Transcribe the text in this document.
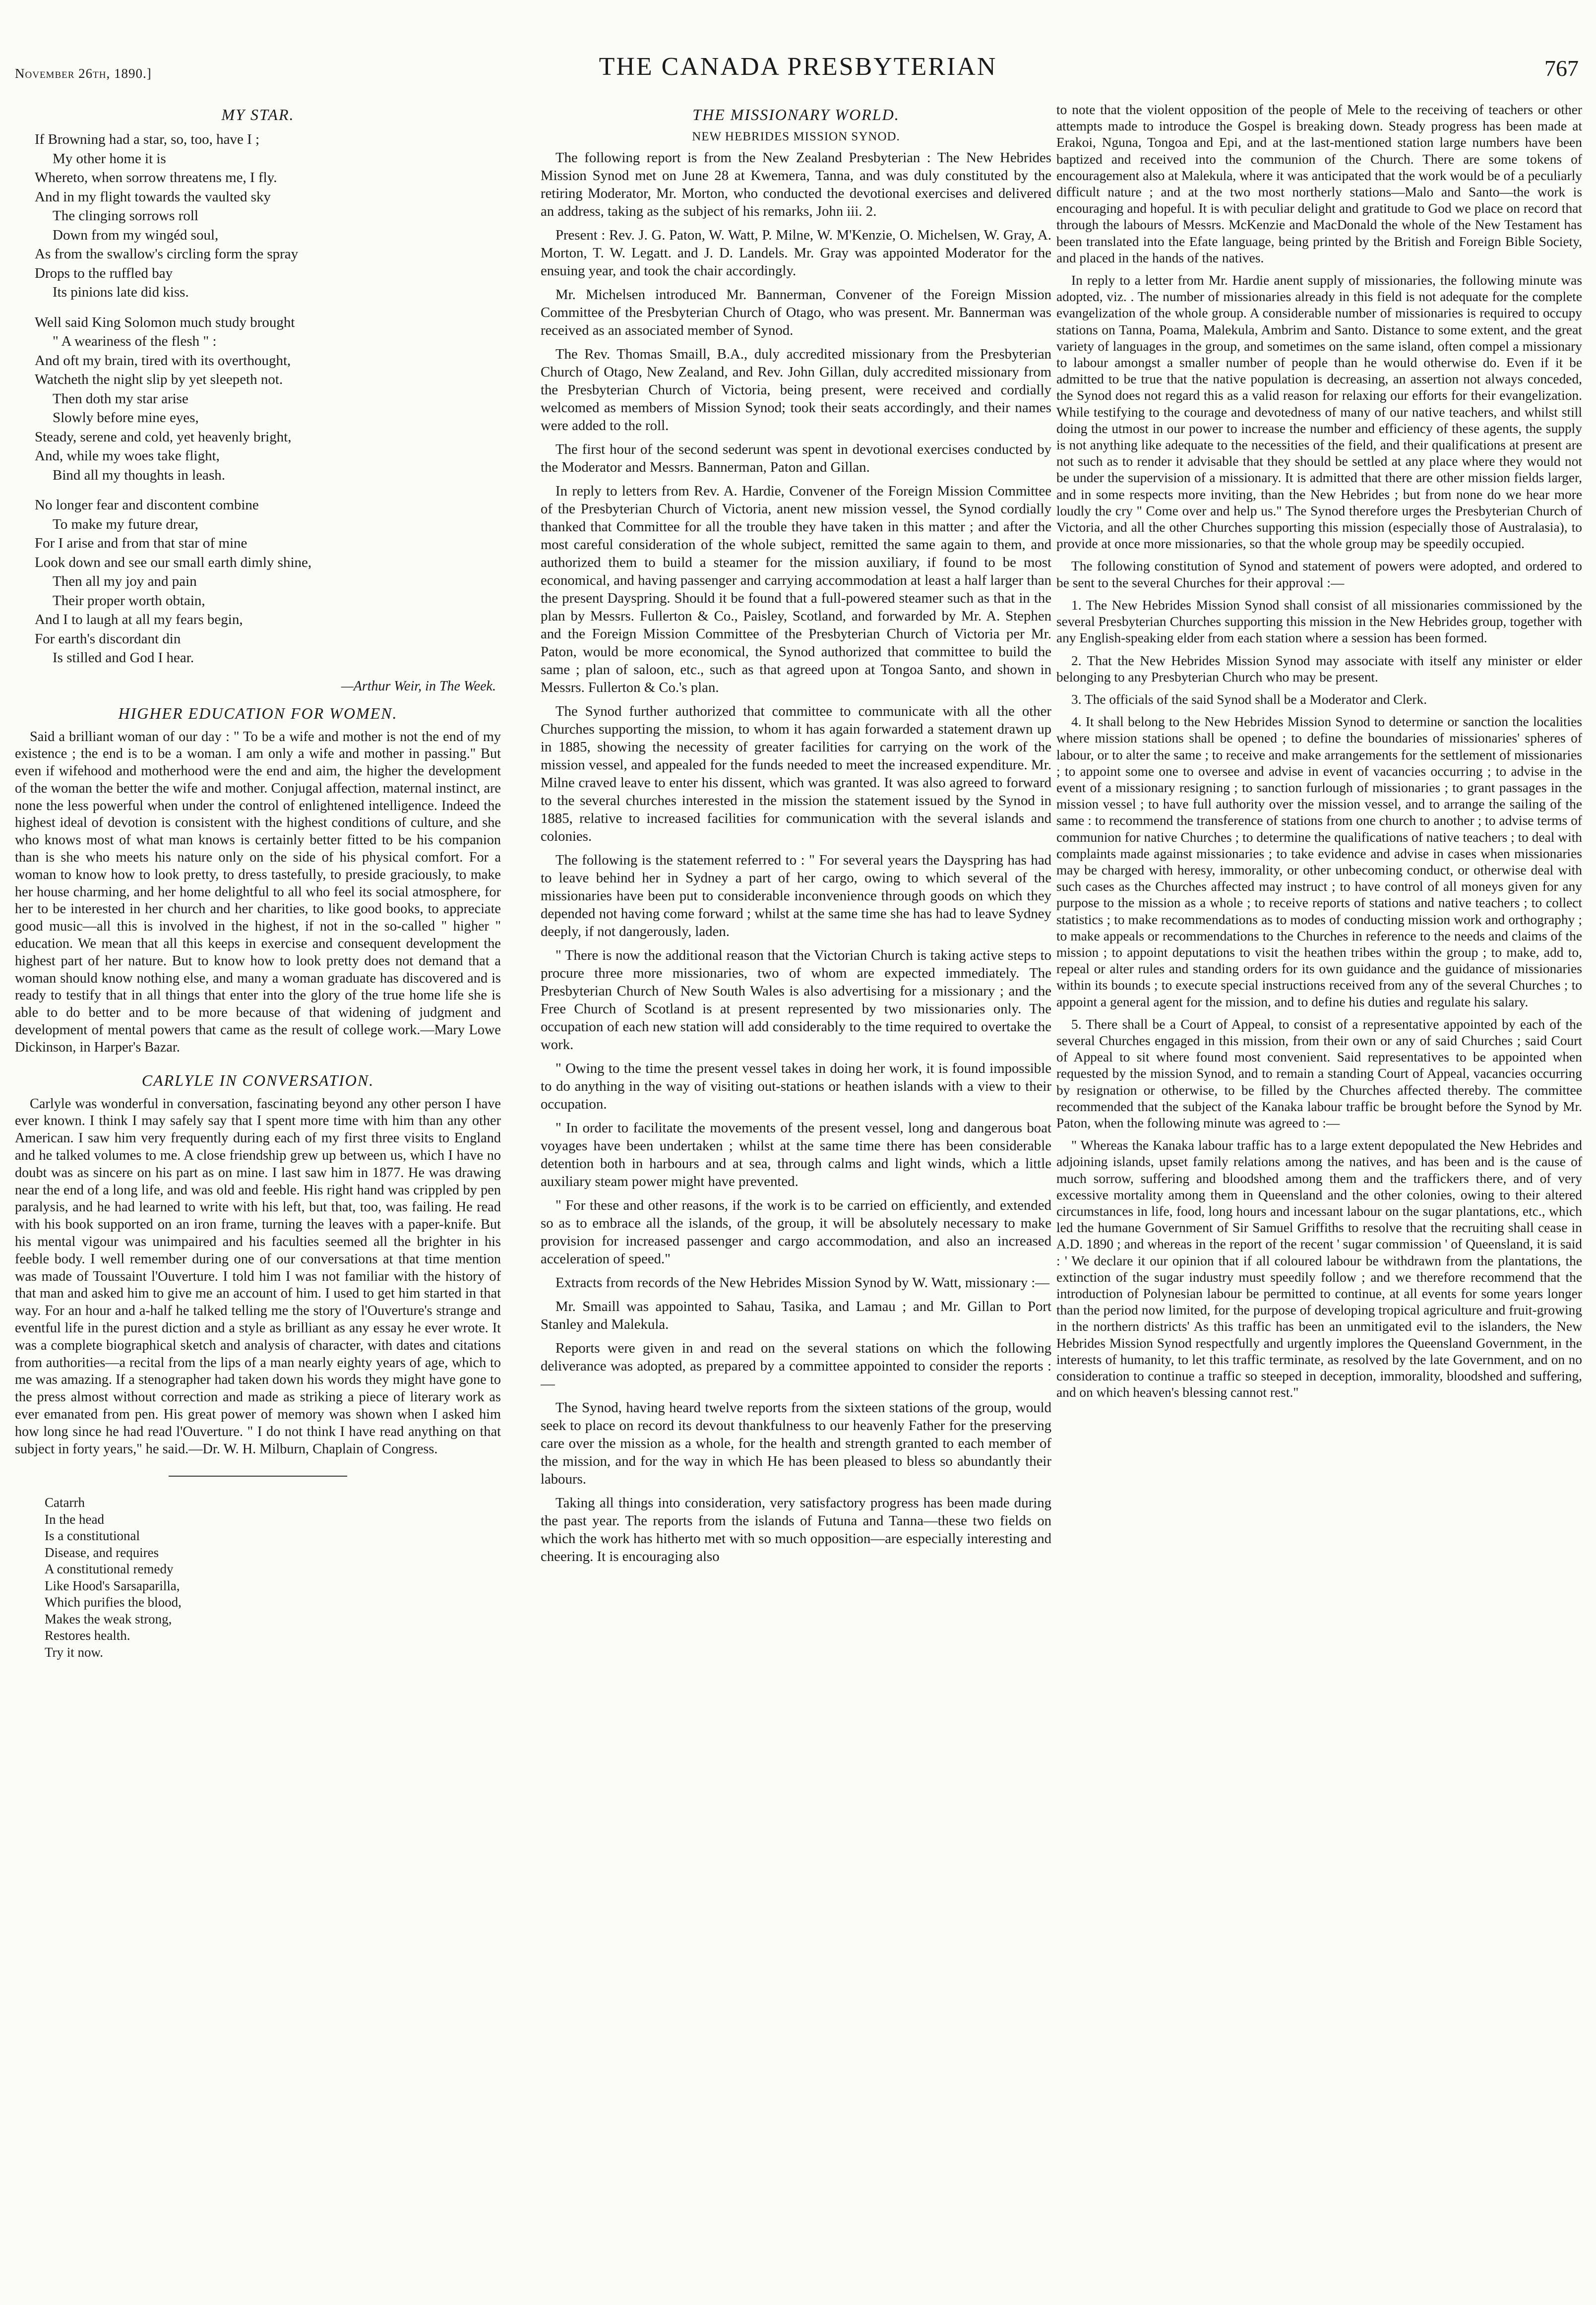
November 26th, 1890.]	THE CANADA PRESBYTERIAN	767
MY STAR.
If Browning had a star, so, too, have I ;
My other home it is
Whereto, when sorrow threatens me, I fly.
And in my flight towards the vaulted sky
The clinging sorrows roll
Down from my wingéd soul,
As from the swallow's circling form the spray
Drops to the ruffled bay
Its pinions late did kiss.
Well said King Solomon much study brought
" A weariness of the flesh " :
And oft my brain, tired with its overthought,
Watcheth the night slip by yet sleepeth not.
Then doth my star arise
Slowly before mine eyes,
Steady, serene and cold, yet heavenly bright,
And, while my woes take flight,
Bind all my thoughts in leash.
No longer fear and discontent combine
To make my future drear,
For I arise and from that star of mine
Look down and see our small earth dimly shine,
Then all my joy and pain
Their proper worth obtain,
And I to laugh at all my fears begin,
For earth's discordant din
Is stilled and God I hear.
—Arthur Weir, in The Week.
HIGHER EDUCATION FOR WOMEN.

Said a brilliant woman of our day : " To be a wife and mother is not the end of my existence ; the end is to be a woman. I am only a wife and mother in passing." But even if wifehood and motherhood were the end and aim, the higher the development of the woman the better the wife and mother. Conjugal affection, maternal instinct, are none the less powerful when under the control of enlightened intelligence. Indeed the highest ideal of devotion is consistent with the highest conditions of culture, and she who knows most of what man knows is certainly better fitted to be his companion than is she who meets his nature only on the side of his physical comfort. For a woman to know how to look pretty, to dress tastefully, to preside graciously, to make her house charming, and her home delightful to all who feel its social atmosphere, for her to be interested in her church and her charities, to like good books, to appreciate good music—all this is involved in the highest, if not in the so-called " higher " education. We mean that all this keeps in exercise and consequent development the highest part of her nature. But to know how to look pretty does not demand that a woman should know nothing else, and many a woman graduate has discovered and is ready to testify that in all things that enter into the glory of the true home life she is able to do better and to be more because of that widening of judgment and development of mental powers that came as the result of college work.—Mary Lowe Dickinson, in Harper's Bazar.

CARLYLE IN CONVERSATION.

Carlyle was wonderful in conversation, fascinating beyond any other person I have ever known. I think I may safely say that I spent more time with him than any other American. I saw him very frequently during each of my first three visits to England and he talked volumes to me. A close friendship grew up between us, which I have no doubt was as sincere on his part as on mine. I last saw him in 1877. He was drawing near the end of a long life, and was old and feeble. His right hand was crippled by pen paralysis, and he had learned to write with his left, but that, too, was failing. He read with his book supported on an iron frame, turning the leaves with a paper-knife. But his mental vigour was unimpaired and his faculties seemed all the brighter in his feeble body. I well remember during one of our conversations at that time mention was made of Toussaint l'Ouverture. I told him I was not familiar with the history of that man and asked him to give me an account of him. I used to get him started in that way. For an hour and a-half he talked telling me the story of l'Ouverture's strange and eventful life in the purest diction and a style as brilliant as any essay he ever wrote. It was a complete biographical sketch and analysis of character, with dates and citations from authorities—a recital from the lips of a man nearly eighty years of age, which to me was amazing. If a stenographer had taken down his words they might have gone to the press almost without correction and made as striking a piece of literary work as ever emanated from pen. His great power of memory was shown when I asked him how long since he had read l'Ouverture. " I do not think I have read anything on that subject in forty years," he said.—Dr. W. H. Milburn, Chaplain of Congress.

Catarrh
In the head
Is a constitutional
Disease, and requires
A constitutional remedy
Like Hood's Sarsaparilla,
Which purifies the blood,
Makes the weak strong,
Restores health.
Try it now.
THE MISSIONARY WORLD.
NEW HEBRIDES MISSION SYNOD.

The following report is from the New Zealand Presbyterian : The New Hebrides Mission Synod met on June 28 at Kwemera, Tanna, and was duly constituted by the retiring Moderator, Mr. Morton, who conducted the devotional exercises and delivered an address, taking as the subject of his remarks, John iii. 2.

Present : Rev. J. G. Paton, W. Watt, P. Milne, W. M'Kenzie, O. Michelsen, W. Gray, A. Morton, T. W. Legatt. and J. D. Landels. Mr. Gray was appointed Moderator for the ensuing year, and took the chair accordingly.

Mr. Michelsen introduced Mr. Bannerman, Convener of the Foreign Mission Committee of the Presbyterian Church of Otago, who was present. Mr. Bannerman was received as an associated member of Synod.

The Rev. Thomas Smaill, B.A., duly accredited missionary from the Presbyterian Church of Otago, New Zealand, and Rev. John Gillan, duly accredited missionary from the Presbyterian Church of Victoria, being present, were received and cordially welcomed as members of Mission Synod; took their seats accordingly, and their names were added to the roll.

The first hour of the second sederunt was spent in devotional exercises conducted by the Moderator and Messrs. Bannerman, Paton and Gillan.

In reply to letters from Rev. A. Hardie, Convener of the Foreign Mission Committee of the Presbyterian Church of Victoria, anent new mission vessel, the Synod cordially thanked that Committee for all the trouble they have taken in this matter ; and after the most careful consideration of the whole subject, remitted the same again to them, and authorized them to build a steamer for the mission auxiliary, if found to be most economical, and having passenger and carrying accommodation at least a half larger than the present Dayspring. Should it be found that a full-powered steamer such as that in the plan by Messrs. Fullerton & Co., Paisley, Scotland, and forwarded by Mr. A. Stephen and the Foreign Mission Committee of the Presbyterian Church of Victoria per Mr. Paton, would be more economical, the Synod authorized that committee to build the same ; plan of saloon, etc., such as that agreed upon at Tongoa Santo, and shown in Messrs. Fullerton & Co.'s plan.

The Synod further authorized that committee to communicate with all the other Churches supporting the mission, to whom it has again forwarded a statement drawn up in 1885, showing the necessity of greater facilities for carrying on the work of the mission vessel, and appealed for the funds needed to meet the increased expenditure. Mr. Milne craved leave to enter his dissent, which was granted. It was also agreed to forward to the several churches interested in the mission the statement issued by the Synod in 1885, relative to increased facilities for communication with the several islands and colonies.

The following is the statement referred to : " For several years the Dayspring has had to leave behind her in Sydney a part of her cargo, owing to which several of the missionaries have been put to considerable inconvenience through goods on which they depended not having come forward ; whilst at the same time she has had to leave Sydney deeply, if not dangerously, laden.

" There is now the additional reason that the Victorian Church is taking active steps to procure three more missionaries, two of whom are expected immediately. The Presbyterian Church of New South Wales is also advertising for a missionary ; and the Free Church of Scotland is at present represented by two missionaries only. The occupation of each new station will add considerably to the time required to overtake the work.

" Owing to the time the present vessel takes in doing her work, it is found impossible to do anything in the way of visiting out-stations or heathen islands with a view to their occupation.

" In order to facilitate the movements of the present vessel, long and dangerous boat voyages have been undertaken ; whilst at the same time there has been considerable detention both in harbours and at sea, through calms and light winds, which a little auxiliary steam power might have prevented.

" For these and other reasons, if the work is to be carried on efficiently, and extended so as to embrace all the islands, of the group, it will be absolutely necessary to make provision for increased passenger and cargo accommodation, and also an increased acceleration of speed."

Extracts from records of the New Hebrides Mission Synod by W. Watt, missionary :—

Mr. Smaill was appointed to Sahau, Tasika, and Lamau ; and Mr. Gillan to Port Stanley and Malekula.

Reports were given in and read on the several stations on which the following deliverance was adopted, as prepared by a committee appointed to consider the reports :—

The Synod, having heard twelve reports from the sixteen stations of the group, would seek to place on record its devout thankfulness to our heavenly Father for the preserving care over the mission as a whole, for the health and strength granted to each member of the mission, and for the way in which He has been pleased to bless so abundantly their labours.

Taking all things into consideration, very satisfactory progress has been made during the past year. The reports from the islands of Futuna and Tanna—these two fields on which the work has hitherto met with so much opposition—are especially interesting and cheering. It is encouraging also

to note that the violent opposition of the people of Mele to the receiving of teachers or other attempts made to introduce the Gospel is breaking down. Steady progress has been made at Erakoi, Nguna, Tongoa and Epi, and at the last-mentioned station large numbers have been baptized and received into the communion of the Church. There are some tokens of encouragement also at Malekula, where it was anticipated that the work would be of a peculiarly difficult nature ; and at the two most northerly stations—Malo and Santo—the work is encouraging and hopeful. It is with peculiar delight and gratitude to God we place on record that through the labours of Messrs. McKenzie and MacDonald the whole of the New Testament has been translated into the Efate language, being printed by the British and Foreign Bible Society, and placed in the hands of the natives.

In reply to a letter from Mr. Hardie anent supply of missionaries, the following minute was adopted, viz. . The number of missionaries already in this field is not adequate for the complete evangelization of the whole group. A considerable number of missionaries is required to occupy stations on Tanna, Poama, Malekula, Ambrim and Santo. Distance to some extent, and the great variety of languages in the group, and sometimes on the same island, often compel a missionary to labour amongst a smaller number of people than he would otherwise do. Even if it be admitted to be true that the native population is decreasing, an assertion not always conceded, the Synod does not regard this as a valid reason for relaxing our efforts for their evangelization. While testifying to the courage and devotedness of many of our native teachers, and whilst still doing the utmost in our power to increase the number and efficiency of these agents, the supply is not anything like adequate to the necessities of the field, and their qualifications at present are not such as to render it advisable that they should be settled at any place where they would not be under the supervision of a missionary. It is admitted that there are other mission fields larger, and in some respects more inviting, than the New Hebrides ; but from none do we hear more loudly the cry " Come over and help us." The Synod therefore urges the Presbyterian Church of Victoria, and all the other Churches supporting this mission (especially those of Australasia), to provide at once more missionaries, so that the whole group may be speedily occupied.

The following constitution of Synod and statement of powers were adopted, and ordered to be sent to the several Churches for their approval :—

1. The New Hebrides Mission Synod shall consist of all missionaries commissioned by the several Presbyterian Churches supporting this mission in the New Hebrides group, together with any English-speaking elder from each station where a session has been formed.

2. That the New Hebrides Mission Synod may associate with itself any minister or elder belonging to any Presbyterian Church who may be present.

3. The officials of the said Synod shall be a Moderator and Clerk.

4. It shall belong to the New Hebrides Mission Synod to determine or sanction the localities where mission stations shall be opened ; to define the boundaries of missionaries' spheres of labour, or to alter the same ; to receive and make arrangements for the settlement of missionaries ; to appoint some one to oversee and advise in event of vacancies occurring ; to advise in the event of a missionary resigning ; to sanction furlough of missionaries ; to grant passages in the mission vessel ; to have full authority over the mission vessel, and to arrange the sailing of the same : to recommend the transference of stations from one church to another ; to advise terms of communion for native Churches ; to determine the qualifications of native teachers ; to deal with complaints made against missionaries ; to take evidence and advise in cases when missionaries may be charged with heresy, immorality, or other unbecoming conduct, or otherwise deal with such cases as the Churches affected may instruct ; to have control of all moneys given for any purpose to the mission as a whole ; to receive reports of stations and native teachers ; to collect statistics ; to make recommendations as to modes of conducting mission work and orthography ; to make appeals or recommendations to the Churches in reference to the needs and claims of the mission ; to appoint deputations to visit the heathen tribes within the group ; to make, add to, repeal or alter rules and standing orders for its own guidance and the guidance of missionaries within its bounds ; to execute special instructions received from any of the several Churches ; to appoint a general agent for the mission, and to define his duties and regulate his salary.

5. There shall be a Court of Appeal, to consist of a representative appointed by each of the several Churches engaged in this mission, from their own or any of said Churches ; said Court of Appeal to sit where found most convenient. Said representatives to be appointed when requested by the mission Synod, and to remain a standing Court of Appeal, vacancies occurring by resignation or otherwise, to be filled by the Churches affected thereby. The committee recommended that the subject of the Kanaka labour traffic be brought before the Synod by Mr. Paton, when the following minute was agreed to :—

" Whereas the Kanaka labour traffic has to a large extent depopulated the New Hebrides and adjoining islands, upset family relations among the natives, and has been and is the cause of much sorrow, suffering and bloodshed among them and the traffickers there, and of very excessive mortality among them in Queensland and the other colonies, owing to their altered circumstances in life, food, long hours and incessant labour on the sugar plantations, etc., which led the humane Government of Sir Samuel Griffiths to resolve that the recruiting shall cease in A.D. 1890 ; and whereas in the report of the recent ' sugar commission ' of Queensland, it is said : ' We declare it our opinion that if all coloured labour be withdrawn from the plantations, the extinction of the sugar industry must speedily follow ; and we therefore recommend that the introduction of Polynesian labour be permitted to continue, at all events for some years longer than the period now limited, for the purpose of developing tropical agriculture and fruit-growing in the northern districts' As this traffic has been an unmitigated evil to the islanders, the New Hebrides Mission Synod respectfully and urgently implores the Queensland Government, in the interests of humanity, to let this traffic terminate, as resolved by the late Government, and on no consideration to continue a traffic so steeped in deception, immorality, bloodshed and suffering, and on which heaven's blessing cannot rest."
